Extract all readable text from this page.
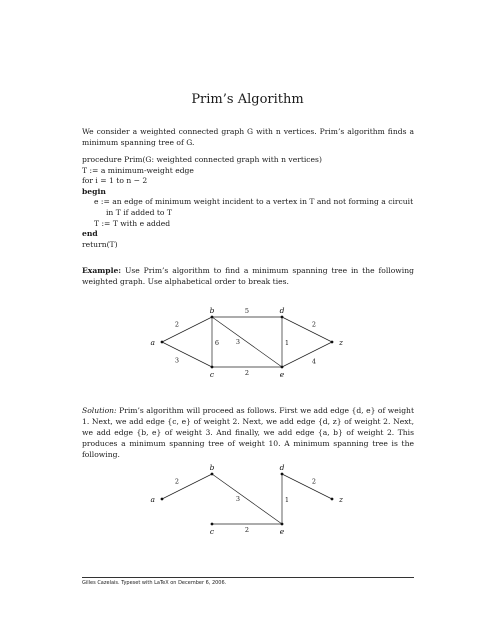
Prim’s Algorithm
We consider a weighted connected graph G with n vertices. Prim’s algorithm finds a minimum spanning tree of G.
procedure Prim(G: weighted connected graph with n vertices)
T := a minimum-weight edge
for i = 1 to n − 2
begin
e := an edge of minimum weight incident to a vertex in T and not forming a circuit
in T if added to T
T := T with e added
end
return(T)
Example: Use Prim’s algorithm to find a minimum spanning tree in the following weighted graph. Use alphabetical order to break ties.
2
3
5
6	3
2
1
2
4
a
b
c
d
e
z
Solution: Prim’s algorithm will proceed as follows. First we add edge {d, e} of weight 1. Next, we add edge {c, e} of weight 2. Next, we add edge {d, z} of weight 2. Next, we add edge {b, e} of weight 3. And finally, we add edge {a, b} of weight 2. This produces a minimum spanning tree of weight 10. A minimum spanning tree is the following.
2
3
2
1
2
a
b
c
d
e
z
Gilles Cazelais. Typeset with LaTeX on December 6, 2006.
